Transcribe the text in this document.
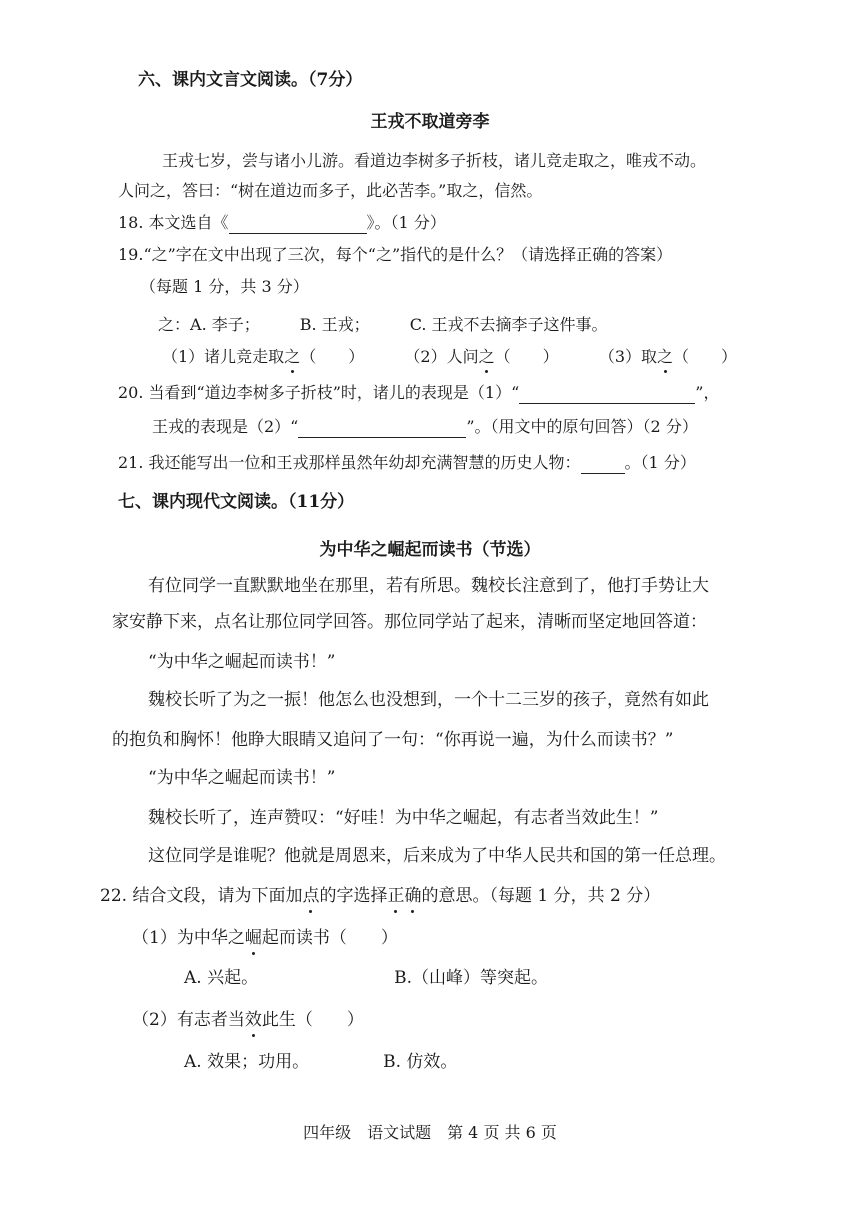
六、课内文言文阅读。（7分）
王戎不取道旁李
王戎七岁，尝与诸小儿游。看道边李树多子折枝，诸儿竞走取之，唯戎不动。
人问之，答曰：“树在道边而多子，此必苦李。”取之，信然。
18. 本文选自《	》。（1 分）
19.“之”字在文中出现了三次，每个“之”指代的是什么？（请选择正确的答案）
（每题 1 分，共 3 分）
之：A. 李子；	B. 王戎；	C. 王戎不去摘李子这件事。
（1）诸儿竞走取之（　　）	（2）人问之（　　）	（3）取之（　　）
20. 当看到“道边李树多子折枝”时，诸儿的表现是（1）“	”，
王戎的表现是（2）“	”。（用文中的原句回答）（2 分）
21. 我还能写出一位和王戎那样虽然年幼却充满智慧的历史人物：	。（1 分）
七、课内现代文阅读。（11分）
为中华之崛起而读书（节选）
有位同学一直默默地坐在那里，若有所思。魏校长注意到了，他打手势让大
家安静下来，点名让那位同学回答。那位同学站了起来，清晰而坚定地回答道：
“为中华之崛起而读书！”
魏校长听了为之一振！他怎么也没想到，一个十二三岁的孩子，竟然有如此
的抱负和胸怀！他睁大眼睛又追问了一句：“你再说一遍，为什么而读书？”
“为中华之崛起而读书！”
魏校长听了，连声赞叹：“好哇！为中华之崛起，有志者当效此生！”
这位同学是谁呢？他就是周恩来，后来成为了中华人民共和国的第一任总理。
22. 结合文段，请为下面加点的字选择正确的意思。（每题 1 分，共 2 分）
（1）为中华之崛起而读书（　　）
A. 兴起。	B.（山峰）等突起。
（2）有志者当效此生（　　）
A. 效果；功用。	B. 仿效。
四年级　语文试题　第 4 页 共 6 页
